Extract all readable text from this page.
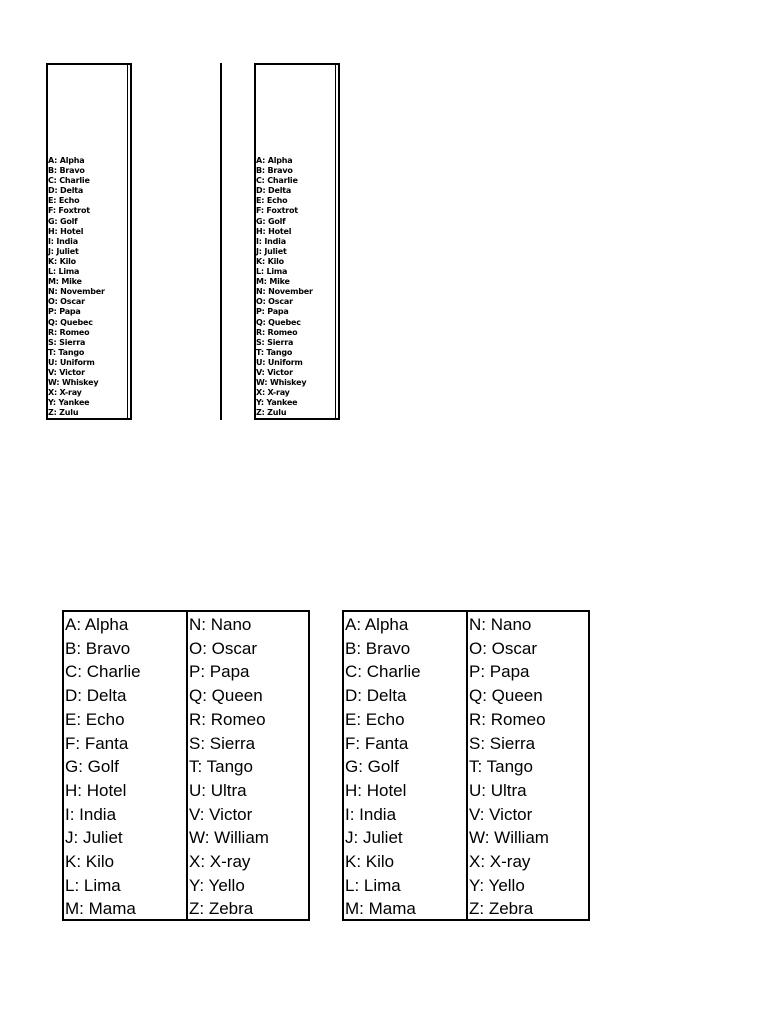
A: Alpha
B: Bravo
C: Charlie
D: Delta
E: Echo
F: Foxtrot
G: Golf
H: Hotel
I: India
J: Juliet
K: Kilo
L: Lima
M: Mike
N: November
O: Oscar
P: Papa
Q: Quebec
R: Romeo
S: Sierra
T: Tango
U: Uniform
V: Victor
W: Whiskey
X: X-ray
Y: Yankee
Z: Zulu
A: Alpha
B: Bravo
C: Charlie
D: Delta
E: Echo
F: Foxtrot
G: Golf
H: Hotel
I: India
J: Juliet
K: Kilo
L: Lima
M: Mike
N: November
O: Oscar
P: Papa
Q: Quebec
R: Romeo
S: Sierra
T: Tango
U: Uniform
V: Victor
W: Whiskey
X: X-ray
Y: Yankee
Z: Zulu
A: Alpha
B: Bravo
C: Charlie
D: Delta
E: Echo
F: Fanta
G: Golf
H: Hotel
I: India
J: Juliet
K: Kilo
L: Lima
M: Mama
N: Nano
O: Oscar
P: Papa
Q: Queen
R: Romeo
S: Sierra
T: Tango
U: Ultra
V: Victor
W: William
X: X-ray
Y: Yello
Z: Zebra
A: Alpha
B: Bravo
C: Charlie
D: Delta
E: Echo
F: Fanta
G: Golf
H: Hotel
I: India
J: Juliet
K: Kilo
L: Lima
M: Mama
N: Nano
O: Oscar
P: Papa
Q: Queen
R: Romeo
S: Sierra
T: Tango
U: Ultra
V: Victor
W: William
X: X-ray
Y: Yello
Z: Zebra
